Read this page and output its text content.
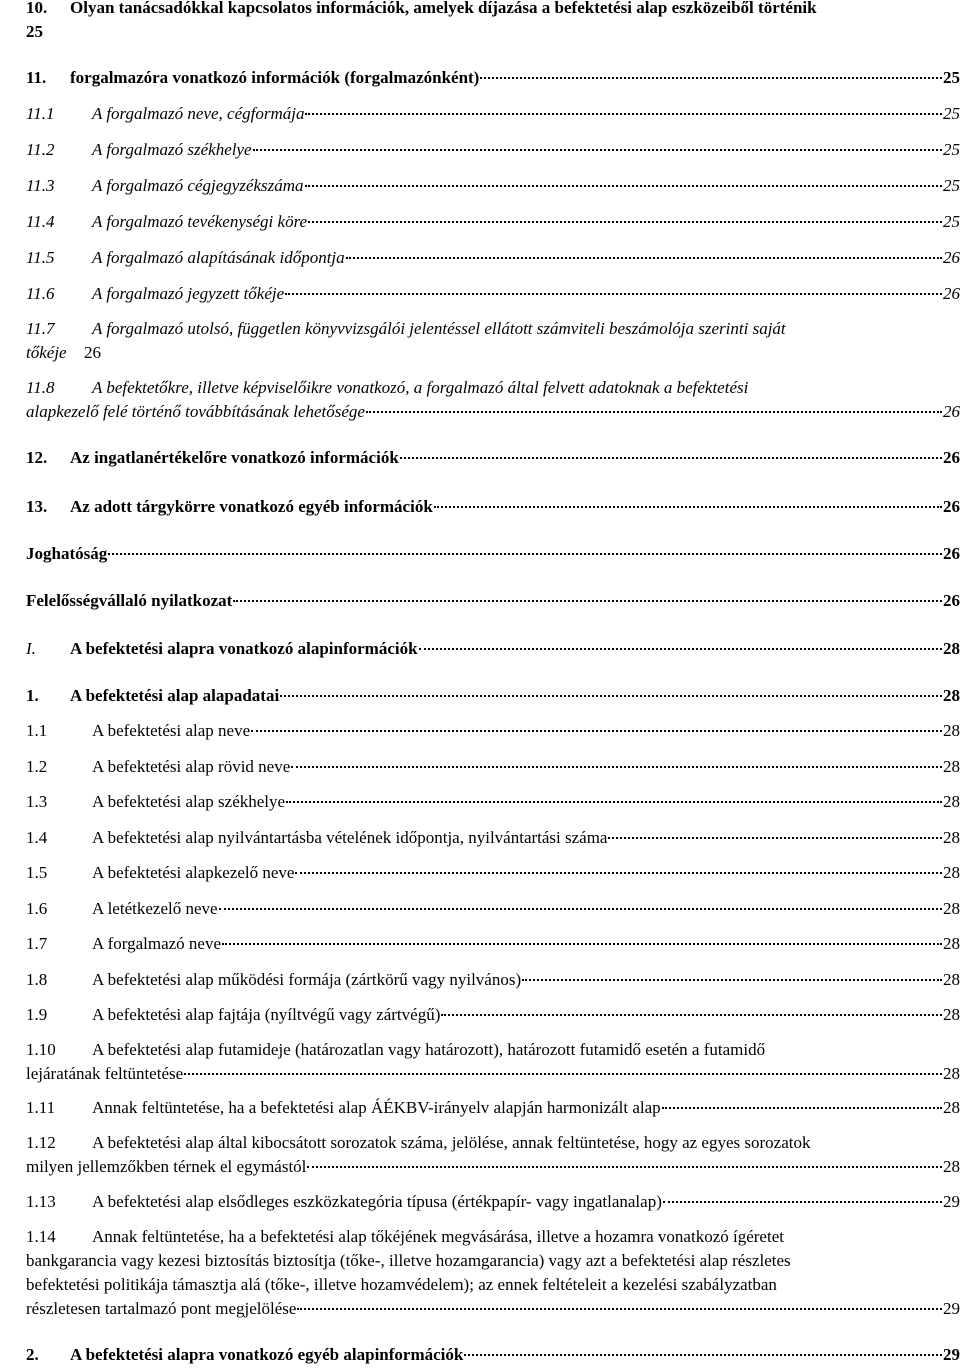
10.	Olyan tanácsadókkal kapcsolatos információk, amelyek díjazása a befektetési alap eszközeiből történik
25
11.	forgalmazóra vonatkozó információk (forgalmazónként)	25
11.1	A forgalmazó neve, cégformája	25
11.2	A forgalmazó székhelye	25
11.3	A forgalmazó cégjegyzékszáma	25
11.4	A forgalmazó tevékenységi köre	25
11.5	A forgalmazó alapításának időpontja	26
11.6	A forgalmazó jegyzett tőkéje	26
11.7	A forgalmazó utolsó, független könyvvizsgálói jelentéssel ellátott számviteli beszámolója szerinti saját
tőkéje	26
11.8	A befektetőkre, illetve képviselőikre vonatkozó, a forgalmazó által felvett adatoknak a befektetési
alapkezelő felé történő továbbításának lehetősége	26
12.	Az ingatlanértékelőre vonatkozó információk	26
13.	Az adott tárgykörre vonatkozó egyéb információk	26
Joghatóság	26
Felelősségvállaló nyilatkozat	26
I.	A befektetési alapra vonatkozó alapinformációk	28
1.	A befektetési alap alapadatai	28
1.1	A befektetési alap neve	28
1.2	A befektetési alap rövid neve	28
1.3	A befektetési alap székhelye	28
1.4	A befektetési alap nyilvántartásba vételének időpontja, nyilvántartási száma	28
1.5	A befektetési alapkezelő neve	28
1.6	A letétkezelő neve	28
1.7	A forgalmazó neve	28
1.8	A befektetési alap működési formája (zártkörű vagy nyilvános)	28
1.9	A befektetési alap fajtája (nyíltvégű vagy zártvégű)	28
1.10	A befektetési alap futamideje (határozatlan vagy határozott), határozott futamidő esetén a futamidő
lejáratának feltüntetése	28
1.11	Annak feltüntetése, ha a befektetési alap ÁÉKBV-irányelv alapján harmonizált alap	28
1.12	A befektetési alap által kibocsátott sorozatok száma, jelölése, annak feltüntetése, hogy az egyes sorozatok
milyen jellemzőkben térnek el egymástól	28
1.13	A befektetési alap elsődleges eszközkategória típusa (értékpapír- vagy ingatlanalap)	29
1.14	Annak feltüntetése, ha a befektetési alap tőkéjének megvásárása, illetve a hozamra vonatkozó ígéretet
bankgarancia vagy kezesi biztosítás biztosítja (tőke-, illetve hozamgarancia) vagy azt a befektetési alap részletes
befektetési politikája támasztja alá (tőke-, illetve hozamvédelem); az ennek feltételeit a kezelési szabályzatban
részletesen tartalmazó pont megjelölése	29
2.	A befektetési alapra vonatkozó egyéb alapinformációk	29
